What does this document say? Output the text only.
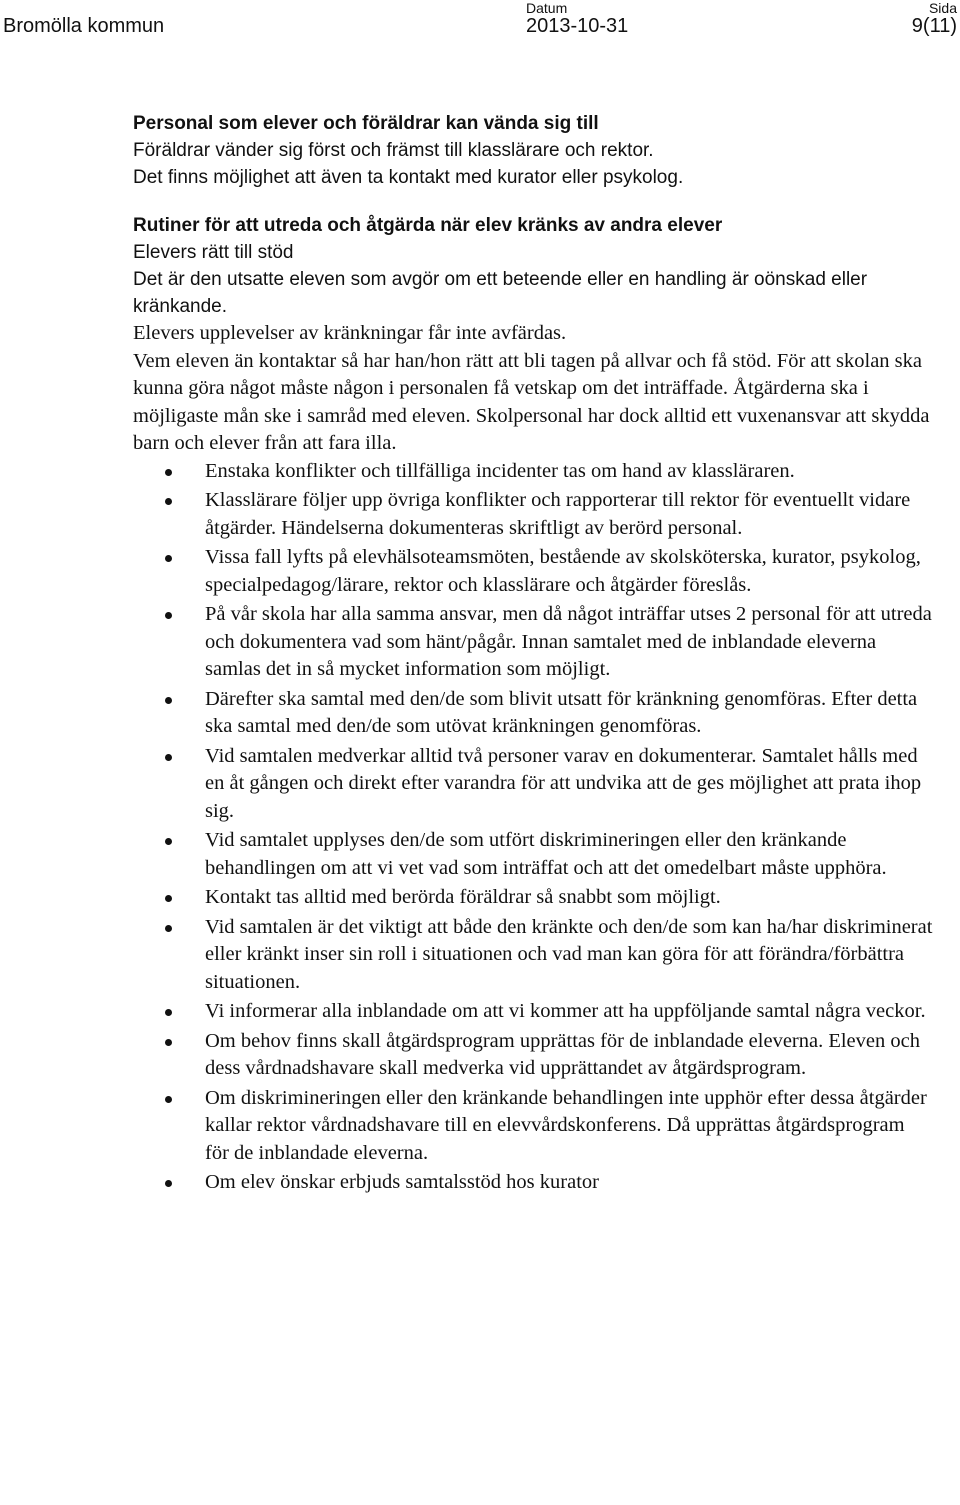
Bromölla kommun
Datum
2013-10-31
Sida
9(11)

Personal som elever och föräldrar kan vända sig till

Föräldrar vänder sig först och främst till klasslärare och rektor.

Det finns möjlighet att även ta kontakt med kurator eller psykolog.

Rutiner för att utreda och åtgärda när elev kränks av andra elever

Elevers rätt till stöd

Det är den utsatte eleven som avgör om ett beteende eller en handling är oönskad eller kränkande.

Elevers upplevelser av kränkningar får inte avfärdas.

Vem eleven än kontaktar så har han/hon rätt att bli tagen på allvar och få stöd. För att skolan ska kunna göra något måste någon i personalen få vetskap om det inträffade. Åtgärderna ska i möjligaste mån ske i samråd med eleven. Skolpersonal har dock alltid ett vuxenansvar att skydda barn och elever från att fara illa.

Enstaka konflikter och tillfälliga incidenter tas om hand av klassläraren.
Klasslärare följer upp övriga konflikter och rapporterar till rektor för eventuellt vidare åtgärder. Händelserna dokumenteras skriftligt av berörd personal.
Vissa fall lyfts på elevhälsoteamsmöten, bestående av skolsköterska, kurator, psykolog, specialpedagog/lärare, rektor och klasslärare och åtgärder föreslås.
På vår skola har alla samma ansvar, men då något inträffar utses 2 personal för att utreda och dokumentera vad som hänt/pågår. Innan samtalet med de inblandade eleverna samlas det in så mycket information som möjligt.
Därefter ska samtal med den/de som blivit utsatt för kränkning genomföras. Efter detta ska samtal med den/de som utövat kränkningen genomföras.
Vid samtalen medverkar alltid två personer varav en dokumenterar. Samtalet hålls med en åt gången och direkt efter varandra för att undvika att de ges möjlighet att prata ihop sig.
Vid samtalet upplyses den/de som utfört diskrimineringen eller den kränkande behandlingen om att vi vet vad som inträffat och att det omedelbart måste upphöra.
Kontakt tas alltid med berörda föräldrar så snabbt som möjligt.
Vid samtalen är det viktigt att både den kränkte och den/de som kan ha/har diskriminerat eller kränkt inser sin roll i situationen och vad man kan göra för att förändra/förbättra situationen.
Vi informerar alla inblandade om att vi kommer att ha uppföljande samtal några veckor.
Om behov finns skall åtgärdsprogram upprättas för de inblandade eleverna. Eleven och dess vårdnadshavare skall medverka vid upprättandet av åtgärdsprogram.
Om diskrimineringen eller den kränkande behandlingen inte upphör efter dessa åtgärder kallar rektor vårdnadshavare till en elevvårdskonferens. Då upprättas åtgärdsprogram för de inblandade eleverna.
Om elev önskar erbjuds samtalsstöd hos kurator
